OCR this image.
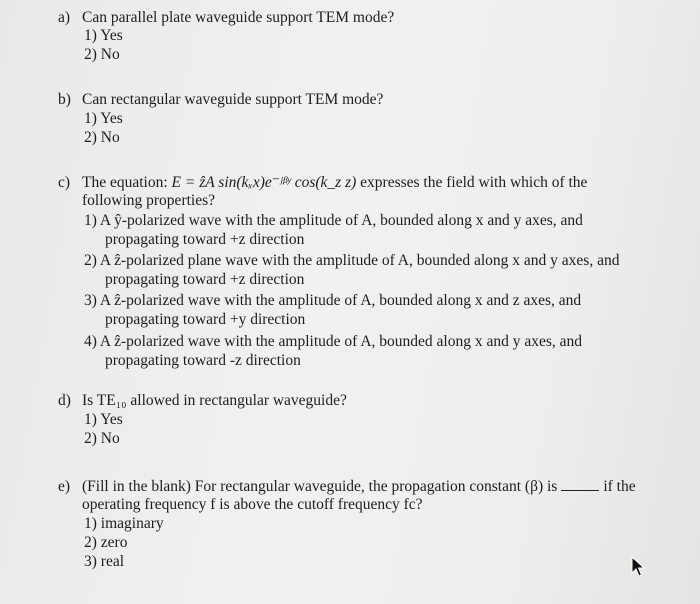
a) Can parallel plate waveguide support TEM mode?
1) Yes
2) No
b) Can rectangular waveguide support TEM mode?
1) Yes
2) No
c) The equation: E = ẑA sin(kₓx)e⁻ʲᵝʸ cos(k_z z) expresses the field with which of the
following properties?
1) A ŷ-polarized wave with the amplitude of A, bounded along x and y axes, and
propagating toward +z direction
2) A ẑ-polarized plane wave with the amplitude of A, bounded along x and y axes, and
propagating toward +z direction
3) A ẑ-polarized wave with the amplitude of A, bounded along x and z axes, and
propagating toward +y direction
4) A ẑ-polarized wave with the amplitude of A, bounded along x and y axes, and
propagating toward -z direction
d) Is TE₁₀ allowed in rectangular waveguide?
1) Yes
2) No
e) (Fill in the blank) For rectangular waveguide, the propagation constant (β) is	if the
operating frequency f is above the cutoff frequency fc?
1) imaginary
2) zero
3) real
